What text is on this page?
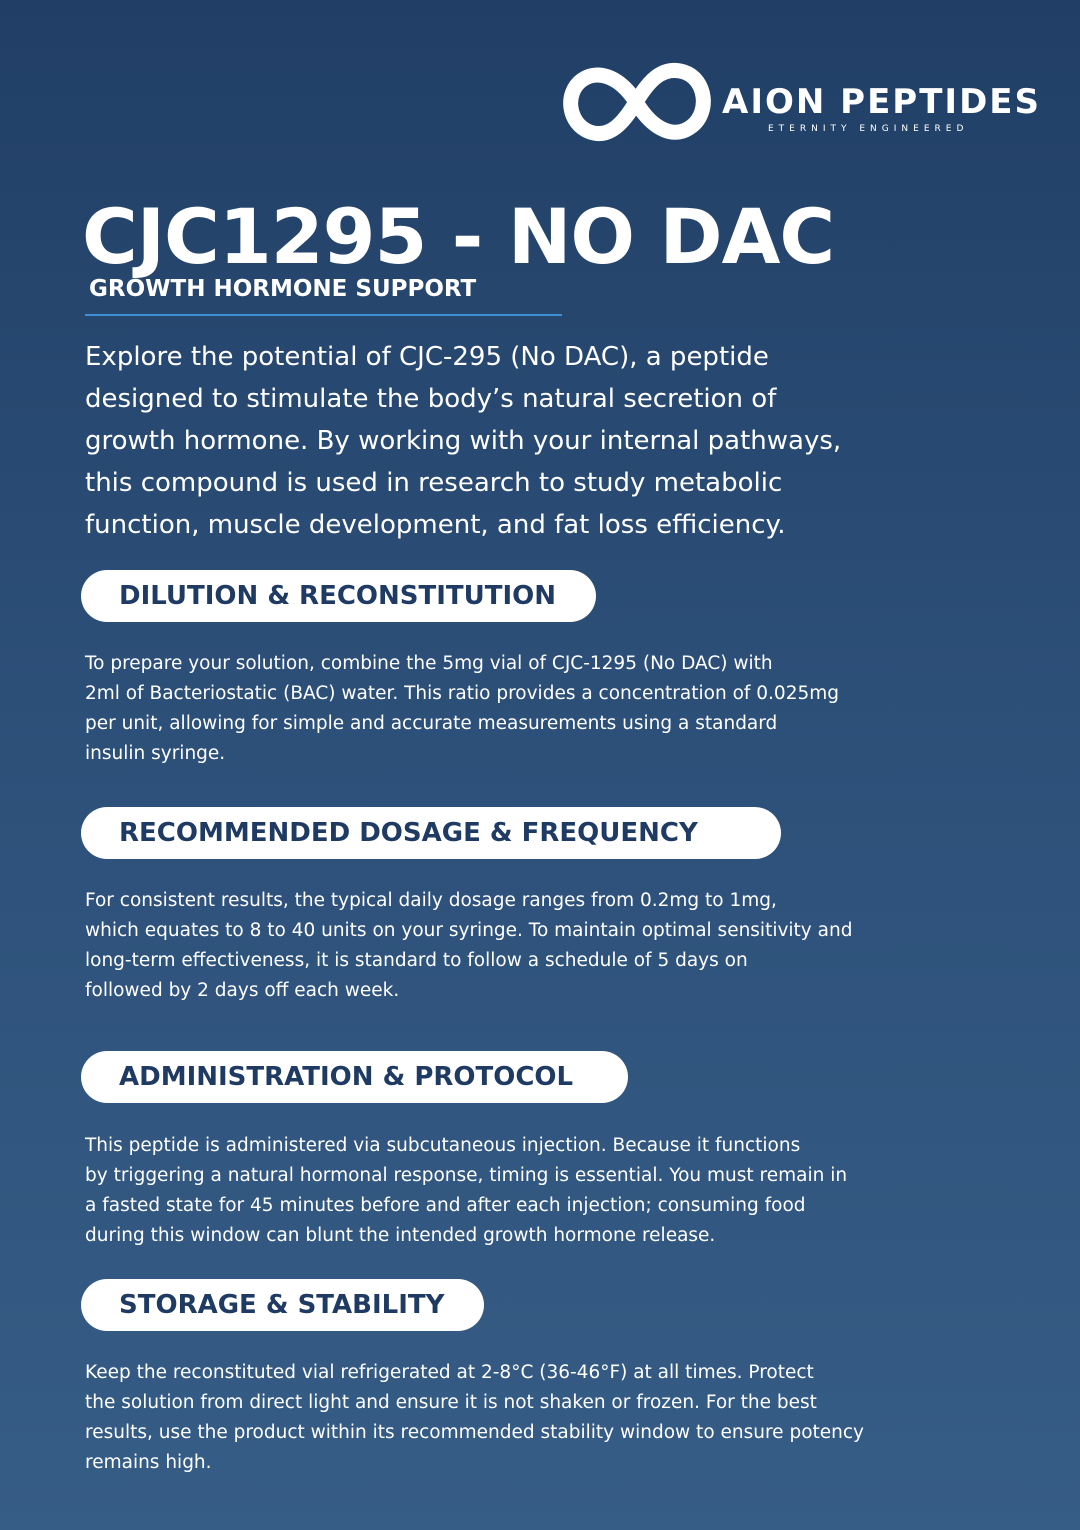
AION PEPTIDES
ETERNITY ENGINEERED
CJC1295 - NO DAC
GROWTH HORMONE SUPPORT

Explore the potential of CJC-295 (No DAC), a peptide
designed to stimulate the body’s natural secretion of
growth hormone. By working with your internal pathways,
this compound is used in research to study metabolic
function, muscle development, and fat loss efficiency.

DILUTION & RECONSTITUTION

To prepare your solution, combine the 5mg vial of CJC-1295 (No DAC) with
2ml of Bacteriostatic (BAC) water. This ratio provides a concentration of 0.025mg
per unit, allowing for simple and accurate measurements using a standard
insulin syringe.

RECOMMENDED DOSAGE & FREQUENCY

For consistent results, the typical daily dosage ranges from 0.2mg to 1mg,
which equates to 8 to 40 units on your syringe. To maintain optimal sensitivity and
long-term effectiveness, it is standard to follow a schedule of 5 days on
followed by 2 days off each week.

ADMINISTRATION & PROTOCOL

This peptide is administered via subcutaneous injection. Because it functions
by triggering a natural hormonal response, timing is essential. You must remain in
a fasted state for 45 minutes before and after each injection; consuming food
during this window can blunt the intended growth hormone release.

STORAGE & STABILITY

Keep the reconstituted vial refrigerated at 2-8°C (36-46°F) at all times. Protect
the solution from direct light and ensure it is not shaken or frozen. For the best
results, use the product within its recommended stability window to ensure potency
remains high.
